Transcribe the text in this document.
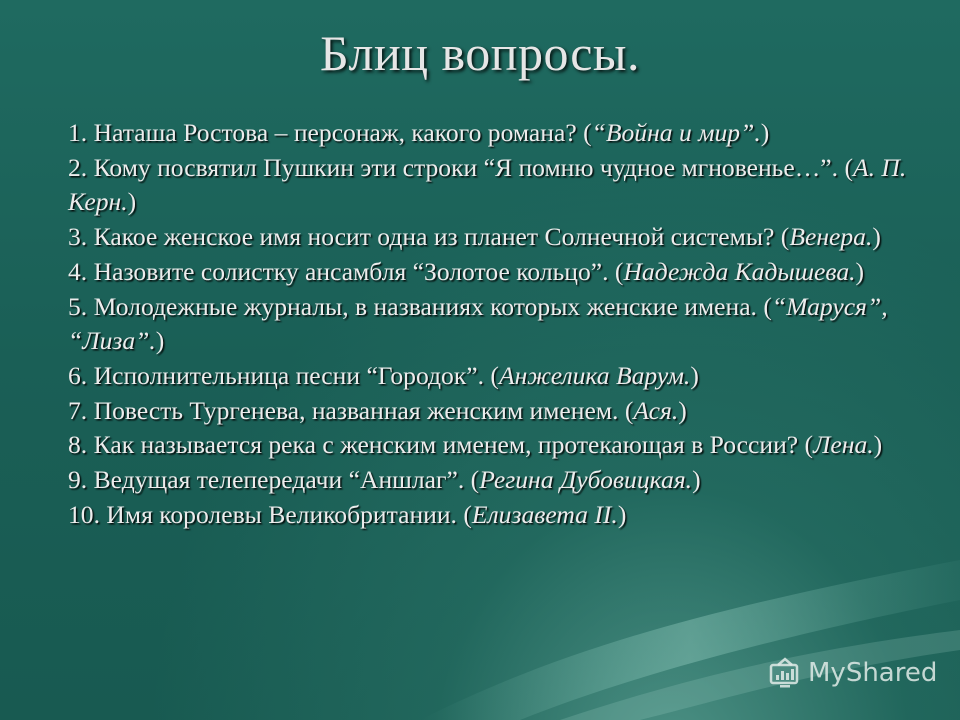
Блиц вопросы.

1. Наташа Ростова – персонаж, какого романа? (“Война и мир”.)

2. Кому посвятил Пушкин эти строки “Я помню чудное мгновенье…”. (А. П. Керн.)

3. Какое женское имя носит одна из планет Солнечной системы? (Венера.)

4. Назовите солистку ансамбля “Золотое кольцо”. (Надежда Кадышева.)

5. Молодежные журналы, в названиях которых женские имена. (“Маруся”, “Лиза”.)

6. Исполнительница песни “Городок”. (Анжелика Варум.)

7. Повесть Тургенева, названная женским именем. (Ася.)

8. Как называется река с женским именем, протекающая в России? (Лена.)

9. Ведущая телепередачи “Аншлаг”. (Регина Дубовицкая.)

10. Имя королевы Великобритании. (Елизавета II.)

MyShared
